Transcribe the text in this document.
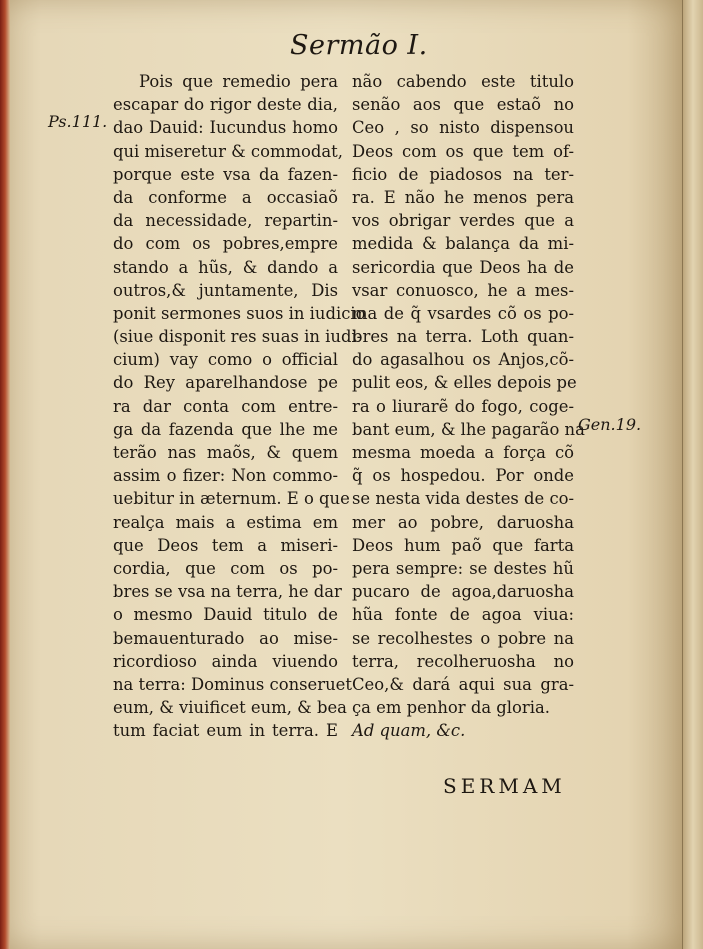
Sermão I.
Ps.111.
Gen.19.
Pois que remedio pera
escapar do rigor deste dia,
dao Dauid: Iucundus homo
qui miseretur & commodat,
porque este vsa da fazen-
da conforme a occasiaõ
da necessidade, repartin-
do com os pobres,empre
stando a hũs, & dando a
outros,& juntamente, Dis
ponit sermones suos in iudicio
(siue disponit res suas in iudi-
cium) vay como o official
do Rey aparelhandose pe
ra dar conta com entre-
ga da fazenda que lhe me
terão nas maõs, & quem
assim o fizer: Non commo-
uebitur in æternum. E o que
realça mais a estima em
que Deos tem a miseri-
cordia, que com os po-
bres se vsa na terra, he dar
o mesmo Dauid titulo de
bemauenturado ao mise-
ricordioso ainda viuendo
na terra: Dominus conseruet
eum, & viuificet eum, & bea
tum faciat eum in terra. E
não cabendo este titulo
senão aos que estaõ no
Ceo , so nisto dispensou
Deos com os que tem of-
ficio de piadosos na ter-
ra. E não he menos pera
vos obrigar verdes que a
medida & balança da mi-
sericordia que Deos ha de
vsar conuosco, he a mes-
ma de q̃ vsardes cõ os po-
bres na terra. Loth quan-
do agasalhou os Anjos,cõ-
pulit eos, & elles depois pe
ra o liurarẽ do fogo, coge-
bant eum, & lhe pagarão na
mesma moeda a força cõ
q̃ os hospedou. Por onde
se nesta vida destes de co-
mer ao pobre, daruosha
Deos hum paõ que farta
pera sempre: se destes hũ
pucaro de agoa,daruosha
hũa fonte de agoa viua:
se recolhestes o pobre na
terra, recolheruosha no
Ceo,& dará aqui sua gra-
ça em penhor da gloria.
Ad quam, &c.
SERMAM
